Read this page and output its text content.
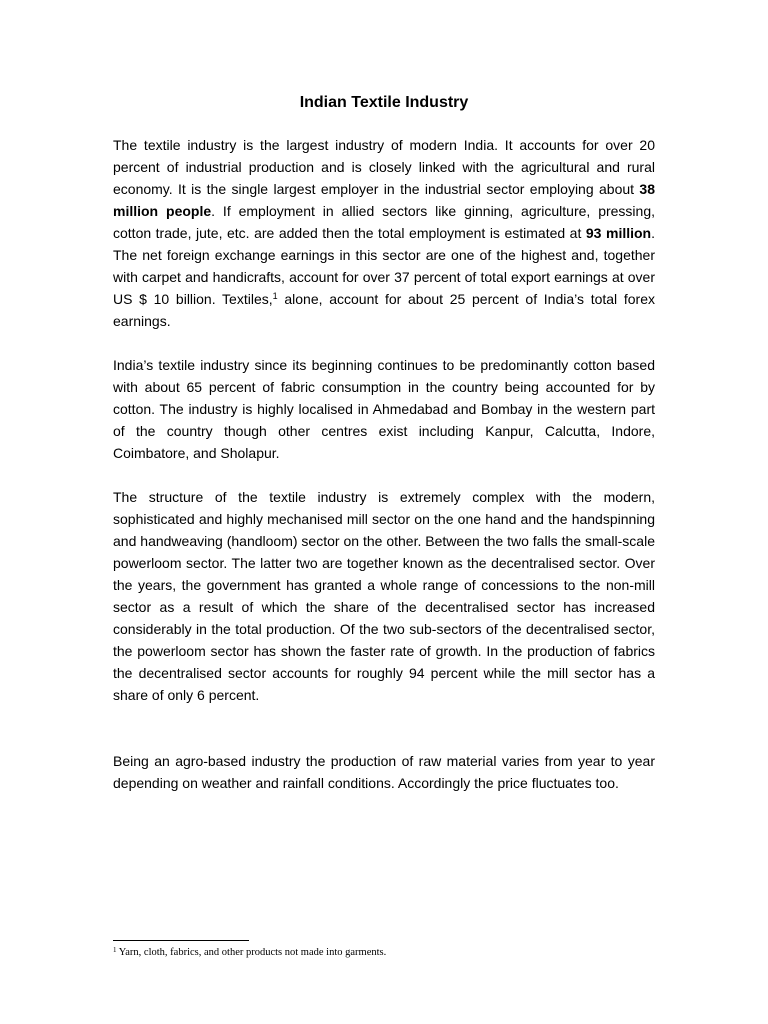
Indian Textile Industry

The textile industry is the largest industry of modern India. It accounts for over 20 percent of industrial production and is closely linked with the agricultural and rural economy. It is the single largest employer in the industrial sector employing about 38 million people. If employment in allied sectors like ginning, agriculture, pressing, cotton trade, jute, etc. are added then the total employment is estimated at 93 million. The net foreign exchange earnings in this sector are one of the highest and, together with carpet and handicrafts, account for over 37 percent of total export earnings at over US $ 10 billion. Textiles,$^1$ alone, account for about 25 percent of India’s total forex earnings.

India’s textile industry since its beginning continues to be predominantly cotton based with about 65 percent of fabric consumption in the country being accounted for by cotton. The industry is highly localised in Ahmedabad and Bombay in the western part of the country though other centres exist including Kanpur, Calcutta, Indore, Coimbatore, and Sholapur.

The structure of the textile industry is extremely complex with the modern, sophisticated and highly mechanised mill sector on the one hand and the handspinning and handweaving (handloom) sector on the other. Between the two falls the small-scale powerloom sector. The latter two are together known as the decentralised sector. Over the years, the government has granted a whole range of concessions to the non-mill sector as a result of which the share of the decentralised sector has increased considerably in the total production. Of the two sub-sectors of the decentralised sector, the powerloom sector has shown the faster rate of growth. In the production of fabrics the decentralised sector accounts for roughly 94 percent while the mill sector has a share of only 6 percent.

Being an agro-based industry the production of raw material varies from year to year depending on weather and rainfall conditions. Accordingly the price fluctuates too.

$^1$ Yarn, cloth, fabrics, and other products not made into garments.
